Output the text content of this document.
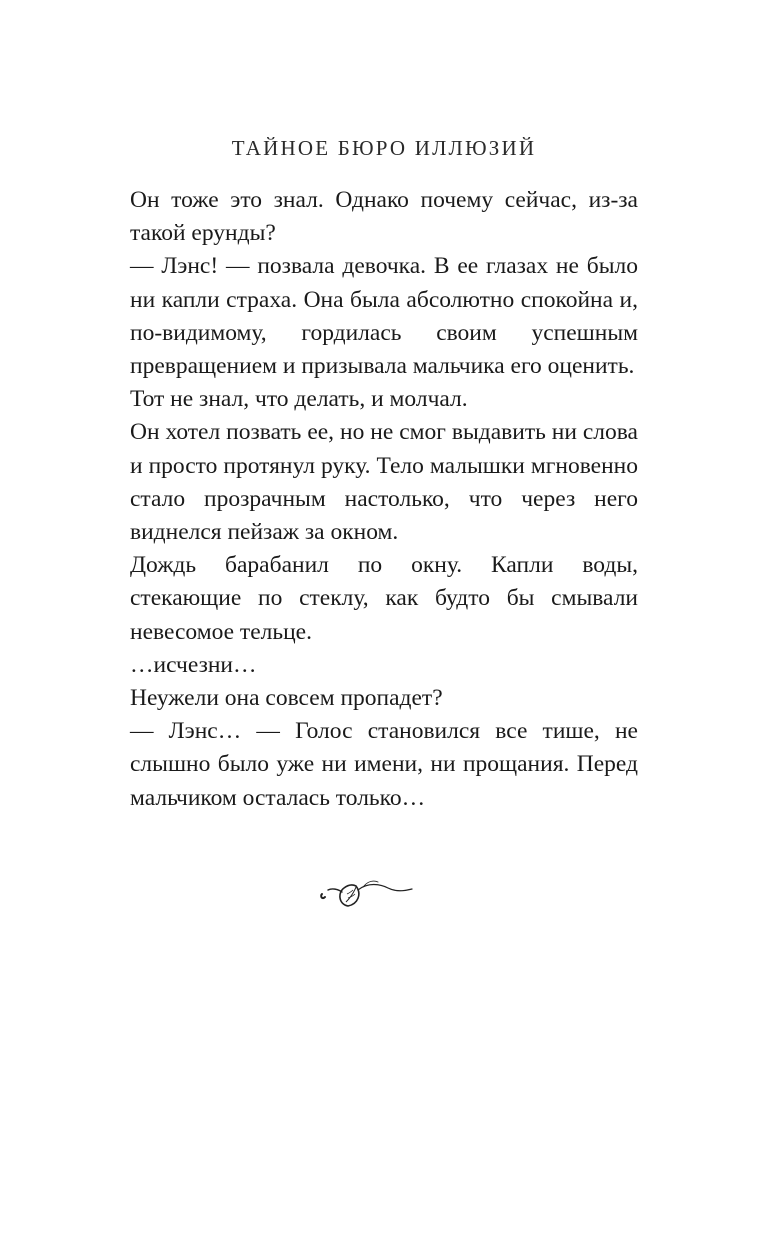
ТАЙНОЕ БЮРО ИЛЛЮЗИЙ

Он тоже это знал. Однако почему сейчас, из-за такой ерунды?

— Лэнс! — позвала девочка. В ее глазах не было ни капли страха. Она была абсолютно спокойна и, по-видимому, гордилась своим успешным превращением и призывала мальчика его оценить.

Тот не знал, что делать, и молчал.

Он хотел позвать ее, но не смог выдавить ни слова и просто протянул руку. Тело малышки мгновенно стало прозрачным настолько, что через него виднелся пейзаж за окном.

Дождь барабанил по окну. Капли воды, стекающие по стеклу, как будто бы смывали невесомое тельце.

…исчезни…

Неужели она совсем пропадет?

— Лэнс… — Голос становился все тише, не слышно было уже ни имени, ни прощания. Перед мальчиком осталась только…
